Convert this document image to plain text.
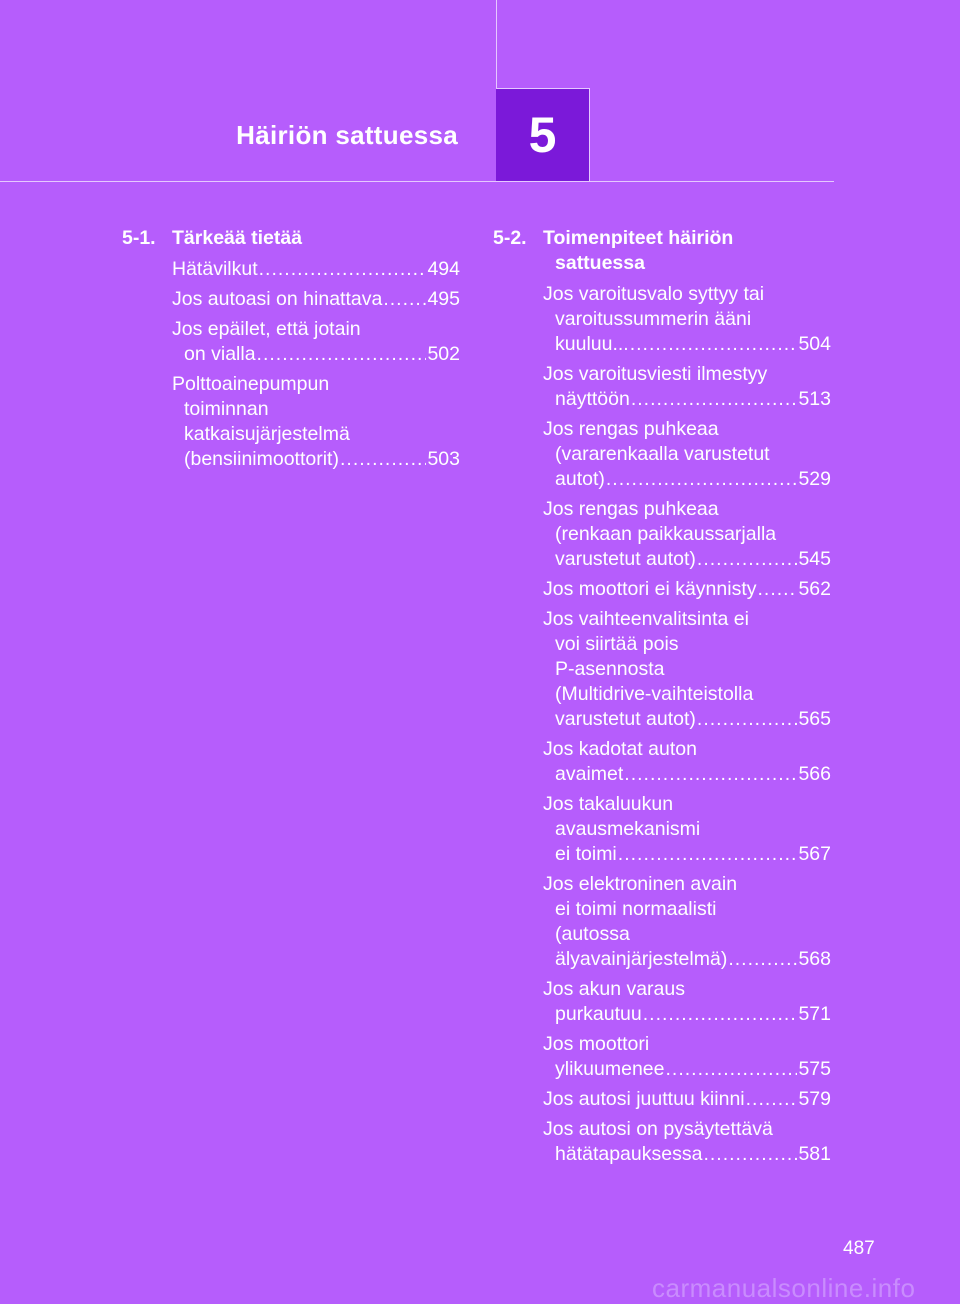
Häiriön sattuessa 5
5-1. Tärkeää tietää
Hätävilkut .....	494
Jos autoasi on hinattava ..... 495
Jos epäilet, että jotain
on vialla .....	502
Polttoainepumpun
toiminnan
katkaisujärjestelmä
(bensiinimoottorit) .....	503
5-2. Toimenpiteet häiriön
sattuessa
Jos varoitusvalo syttyy tai
varoitussummerin ääni
kuuluu... .....	504
Jos varoitusviesti ilmestyy
näyttöön .....	513
Jos rengas puhkeaa
(vararenkaalla varustetut
autot) .....	529
Jos rengas puhkeaa
(renkaan paikkaussarjalla
varustetut autot) .....	545
Jos moottori ei käynnisty ..... 562
Jos vaihteenvalitsinta ei
voi siirtää pois
P-asennosta
(Multidrive-vaihteistolla
varustetut autot) .....	565
Jos kadotat auton
avaimet .....	566
Jos takaluukun
avausmekanismi
ei toimi .....	567
Jos elektroninen avain
ei toimi normaalisti
(autossa
älyavainjärjestelmä) .....	568
Jos akun varaus
purkautuu .....	571
Jos moottori
ylikuumenee .....	575
Jos autosi juuttuu kiinni .....	579
Jos autosi on pysäytettävä
hätätapauksessa .....	581
487
carmanualsonline.info
